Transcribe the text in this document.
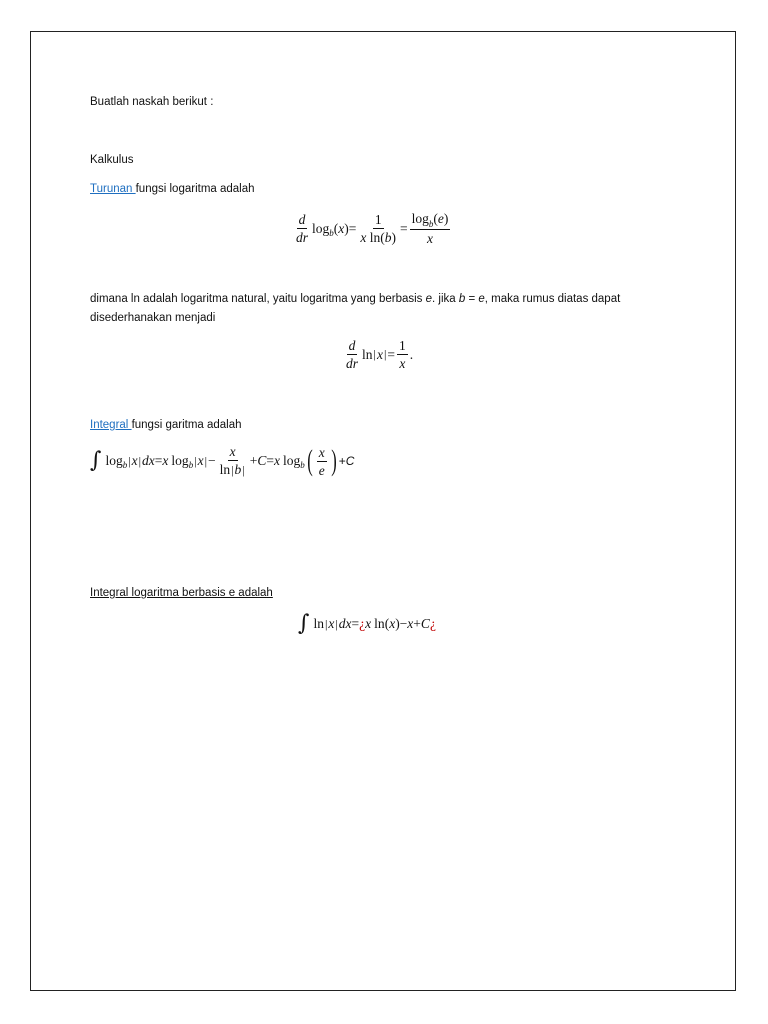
Buatlah naskah berikut :
Kalkulus
Turunan fungsi logaritma adalah
$\frac{d}{dr}$ log b ( x )= $\frac{1}{\text{x ln(b)}} = \frac{\log_b(e)}{x}$
dimana ln adalah logaritma natural, yaitu logaritma yang berbasis e. jika b = e, maka rumus diatas dapat
disederhanakan menjadi
$\frac{d}{dr}$ ln | x | = $\frac{1}{x}$ .
Integral fungsi garitma adalah
∫ log b | x | dx = x log b | x | − $\frac{x}{\ln|b|} + C = x$ log b ( $\frac{x}{e}$ ) + C
Integral logaritma berbasis e adalah
∫ ln | x | dx = ¿ x ln ( x )− x + C ¿
